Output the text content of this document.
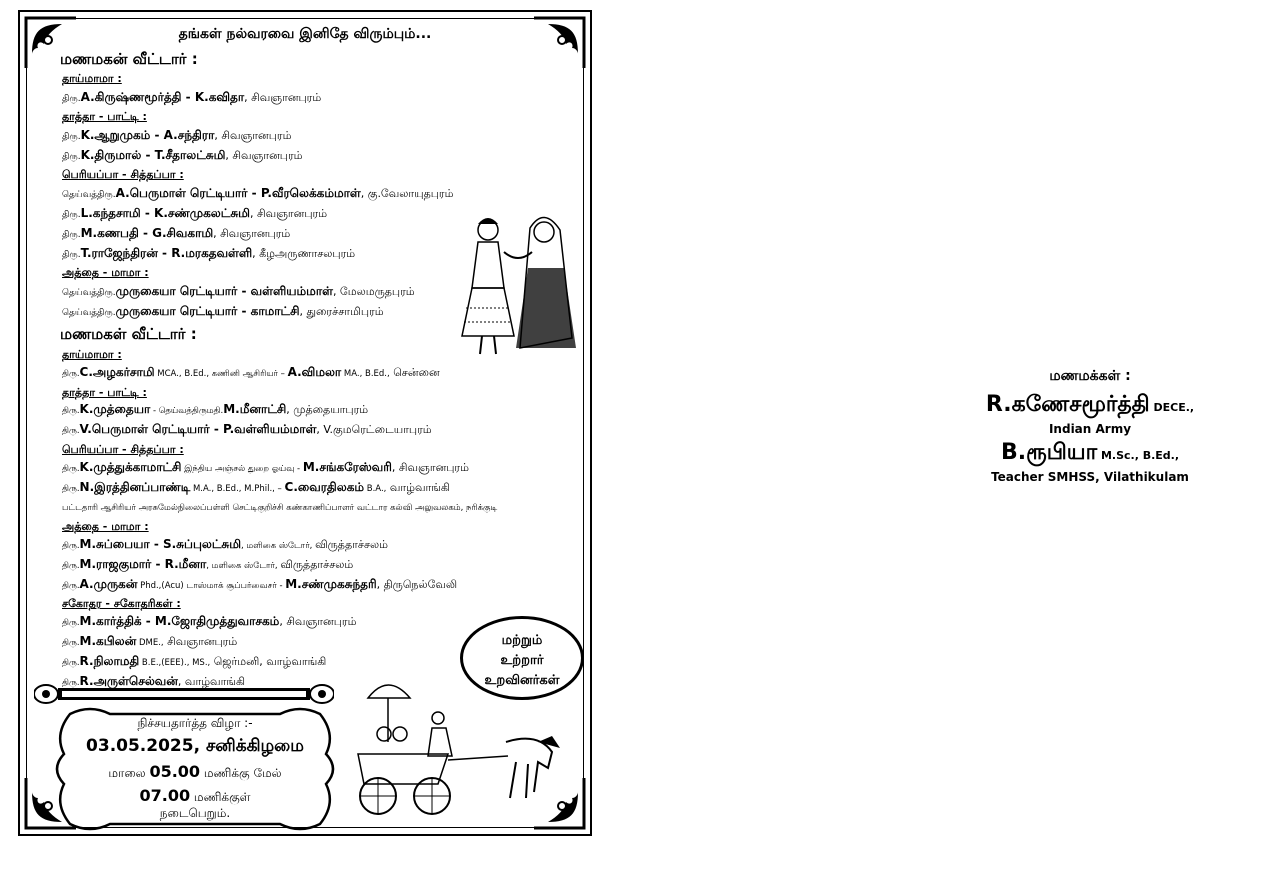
தங்கள் நல்வரவை இனிதே விரும்பும்...
மணமகன் வீட்டார் :
தாய்மாமா :
திரு.A.கிருஷ்ணமூர்த்தி - K.கவிதா, சிவஞானபுரம்
தாத்தா - பாட்டி :
திரு.K.ஆறுமுகம் - A.சந்திரா, சிவஞானபுரம்
திரு.K.திருமால் - T.சீதாலட்சுமி, சிவஞானபுரம்
பெரியப்பா - சித்தப்பா :
தெய்வத்திரு.A.பெருமாள் ரெட்டியார் - P.வீரலெக்கம்மாள், கு.வேலாயுதபுரம்
திரு.L.கந்தசாமி - K.சண்முகலட்சுமி, சிவஞானபுரம்
திரு.M.கணபதி - G.சிவகாமி, சிவஞானபுரம்
திரு.T.ராஜேந்திரன் - R.மரகதவள்ளி, கீழஅருணாசலபுரம்
அத்தை - மாமா :
தெய்வத்திரு.முருகையா ரெட்டியார் - வள்ளியம்மாள், மேலமருதபுரம்
தெய்வத்திரு.முருகையா ரெட்டியார் - காமாட்சி, துரைச்சாமிபுரம்
மணமகள் வீட்டார் :
தாய்மாமா :
திரு.C.அழகர்சாமி MCA., B.Ed., கணினி ஆசிரியர் – A.விமலா MA., B.Ed., சென்னை
தாத்தா - பாட்டி :
திரு.K.முத்தையா - தெய்வத்திருமதி.M.மீனாட்சி, முத்தையாபுரம்
திரு.V.பெருமாள் ரெட்டியார் - P.வள்ளியம்மாள், V.குமரெட்டையாபுரம்
பெரியப்பா - சித்தப்பா :
திரு.K.முத்துக்காமாட்சி இந்திய அஞ்சல் துறை ஓய்வு - M.சங்கரேஸ்வரி, சிவஞானபுரம்
திரு.N.இரத்தினப்பாண்டி M.A., B.Ed., M.Phil., – C.வைரதிலகம் B.A., வாழ்வாங்கி
பட்டதாரி ஆசிரியர் அரசுமேல்நிலைப்பள்ளி செட்டிகுறிச்சி கண்காணிப்பாளர் வட்டார கல்வி அலுவலகம், நரிக்குடி
அத்தை - மாமா :
திரு.M.சுப்பையா - S.சுப்புலட்சுமி, மளிகை ஸ்டோர், விருத்தாச்சலம்
திரு.M.ராஜகுமார் - R.மீனா, மளிகை ஸ்டோர், விருத்தாச்சலம்
திரு.A.முருகன் Phd.,(Acu) டாஸ்மாக் சூப்பர்வைசர் - M.சண்முகசுந்தரி, திருநெல்வேலி
சகோதர - சகோதரிகள் :
திரு.M.கார்த்திக் - M.ஜோதிமுத்துவாசகம், சிவஞானபுரம்
திரு.M.கபிலன் DME., சிவஞானபுரம்
திரு.R.நிலாமதி B.E.,(EEE)., MS., ஜெர்மனி, வாழ்வாங்கி
திரு.R.அருள்செல்வன், வாழ்வாங்கி
மற்றும்
உற்றார்
உறவினர்கள்
நிச்சயதார்த்த விழா :-
03.05.2025, சனிக்கிழமை
மாலை 05.00 மணிக்கு மேல்
07.00 மணிக்குள்
நடைபெறும்.
மணமக்கள் :
R.கணேசமூர்த்தி DECE.,
Indian Army
B.ரூபியா M.Sc., B.Ed.,
Teacher SMHSS, Vilathikulam
